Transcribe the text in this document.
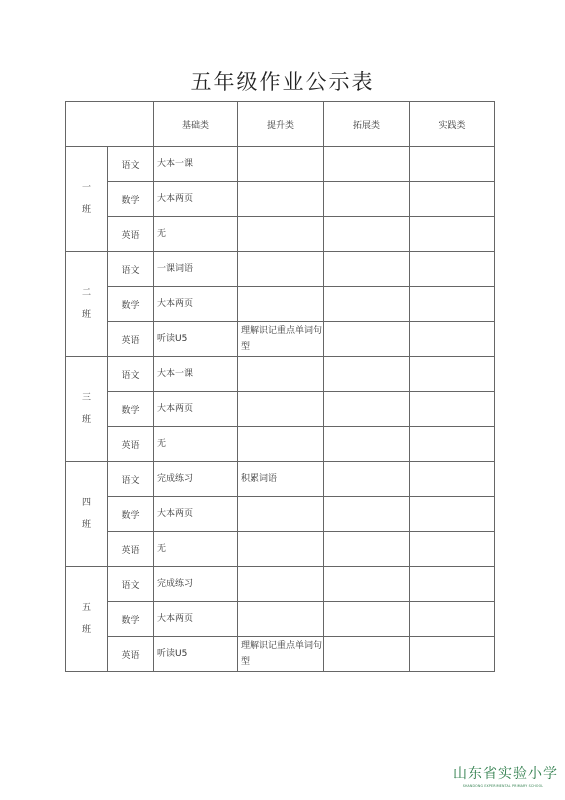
五年级作业公示表
		基础类	提升类	拓展类	实践类
一班	语文	大本一课			
	数学	大本两页			
	英语	无			
二班	语文	一课词语			
	数学	大本两页			
	英语	听读U5	理解识记重点单词句型		
三班	语文	大本一课			
	数学	大本两页			
	英语	无			
四班	语文	完成练习	积累词语		
	数学	大本两页			
	英语	无			
五班	语文	完成练习			
	数学	大本两页			
	英语	听读U5	理解识记重点单词句型		
山东省实验小学
SHANDONG EXPERIMENTAL PRIMARY SCHOOL
